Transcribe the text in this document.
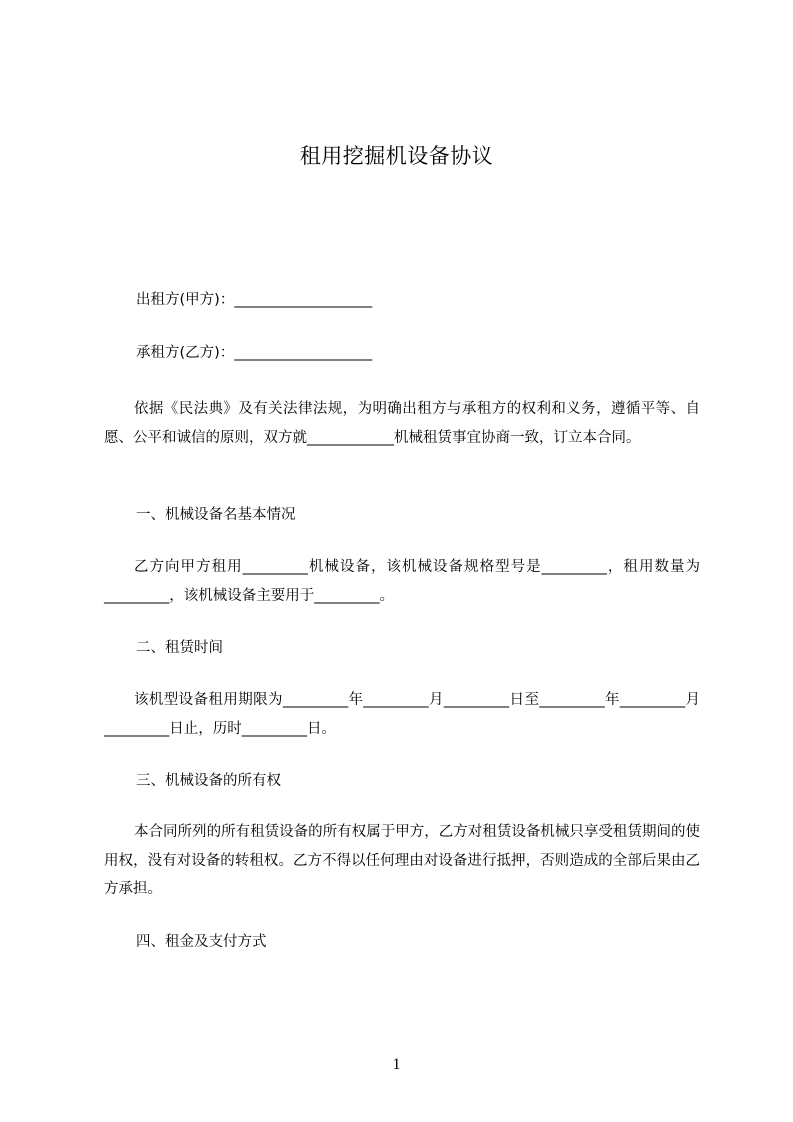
租用挖掘机设备协议
出租方(甲方)：___________________
承租方(乙方)：___________________
依据《民法典》及有关法律法规，为明确出租方与承租方的权利和义务，遵循平等、自愿、公平和诚信的原则，双方就____________机械租赁事宜协商一致，订立本合同。
一、机械设备名基本情况
乙方向甲方租用_________机械设备，该机械设备规格型号是_________，租用数量为_________，该机械设备主要用于_________。
二、租赁时间
该机型设备租用期限为_________年_________月_________日至_________年_________月_________日止，历时_________日。
三、机械设备的所有权
本合同所列的所有租赁设备的所有权属于甲方，乙方对租赁设备机械只享受租赁期间的使用权，没有对设备的转租权。乙方不得以任何理由对设备进行抵押，否则造成的全部后果由乙方承担。
四、租金及支付方式
1
